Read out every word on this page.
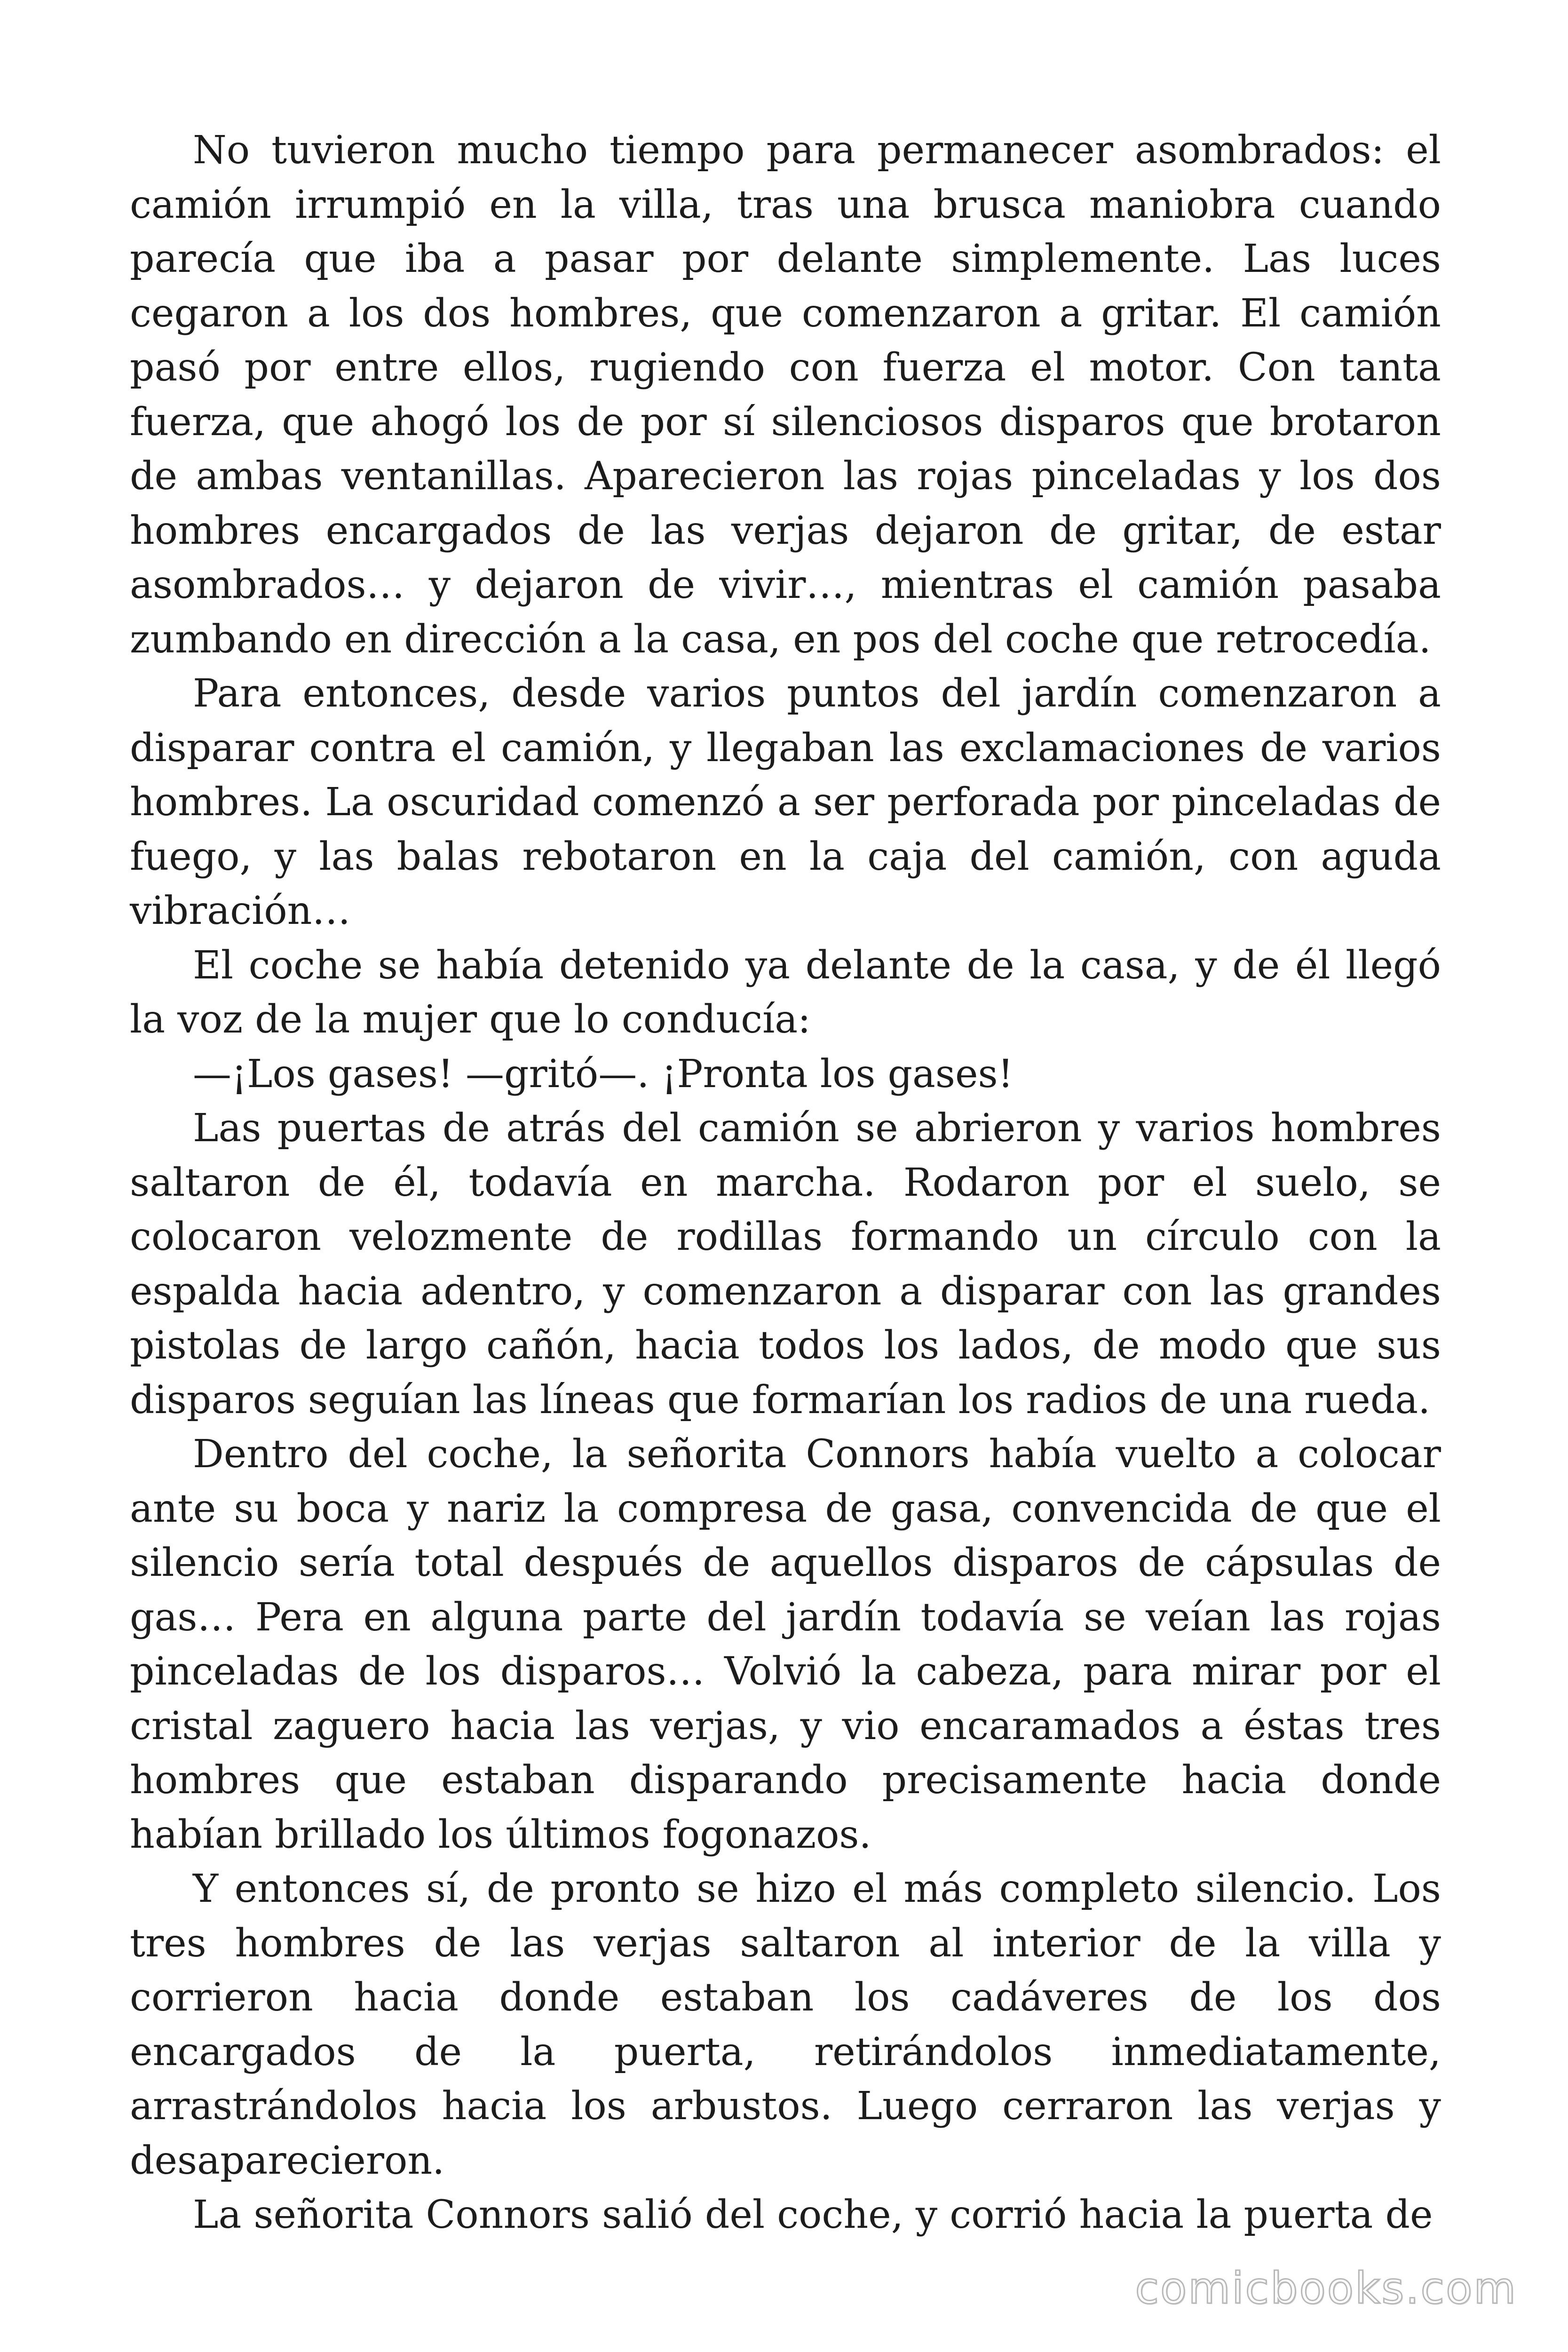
No tuvieron mucho tiempo para permanecer asombrados: el camión irrumpió en la villa, tras una brusca maniobra cuando parecía que iba a pasar por delante simplemente. Las luces cegaron a los dos hombres, que comenzaron a gritar. El camión pasó por entre ellos, rugiendo con fuerza el motor. Con tanta fuerza, que ahogó los de por sí silenciosos disparos que brotaron de ambas ventanillas. Aparecieron las rojas pinceladas y los dos hombres encargados de las verjas dejaron de gritar, de estar asombrados… y dejaron de vivir…, mientras el camión pasaba zumbando en dirección a la casa, en pos del coche que retrocedía.

Para entonces, desde varios puntos del jardín comenzaron a disparar contra el camión, y llegaban las exclamaciones de varios hombres. La oscuridad comenzó a ser perforada por pinceladas de fuego, y las balas rebotaron en la caja del camión, con aguda vibración…

El coche se había detenido ya delante de la casa, y de él llegó la voz de la mujer que lo conducía:

—¡Los gases! —gritó—. ¡Pronta los gases!

Las puertas de atrás del camión se abrieron y varios hombres saltaron de él, todavía en marcha. Rodaron por el suelo, se colocaron velozmente de rodillas formando un círculo con la espalda hacia adentro, y comenzaron a disparar con las grandes pistolas de largo cañón, hacia todos los lados, de modo que sus disparos seguían las líneas que formarían los radios de una rueda.

Dentro del coche, la señorita Connors había vuelto a colocar ante su boca y nariz la compresa de gasa, convencida de que el silencio sería total después de aquellos disparos de cápsulas de gas… Pera en alguna parte del jardín todavía se veían las rojas pinceladas de los disparos… Volvió la cabeza, para mirar por el cristal zaguero hacia las verjas, y vio encaramados a éstas tres hombres que estaban disparando precisamente hacia donde habían brillado los últimos fogonazos.

Y entonces sí, de pronto se hizo el más completo silencio. Los tres hombres de las verjas saltaron al interior de la villa y corrieron hacia donde estaban los cadáveres de los dos encargados de la puerta, retirándolos inmediatamente, arrastrándolos hacia los arbustos. Luego cerraron las verjas y desaparecieron.

La señorita Connors salió del coche, y corrió hacia la puerta de

comicbooks.com
